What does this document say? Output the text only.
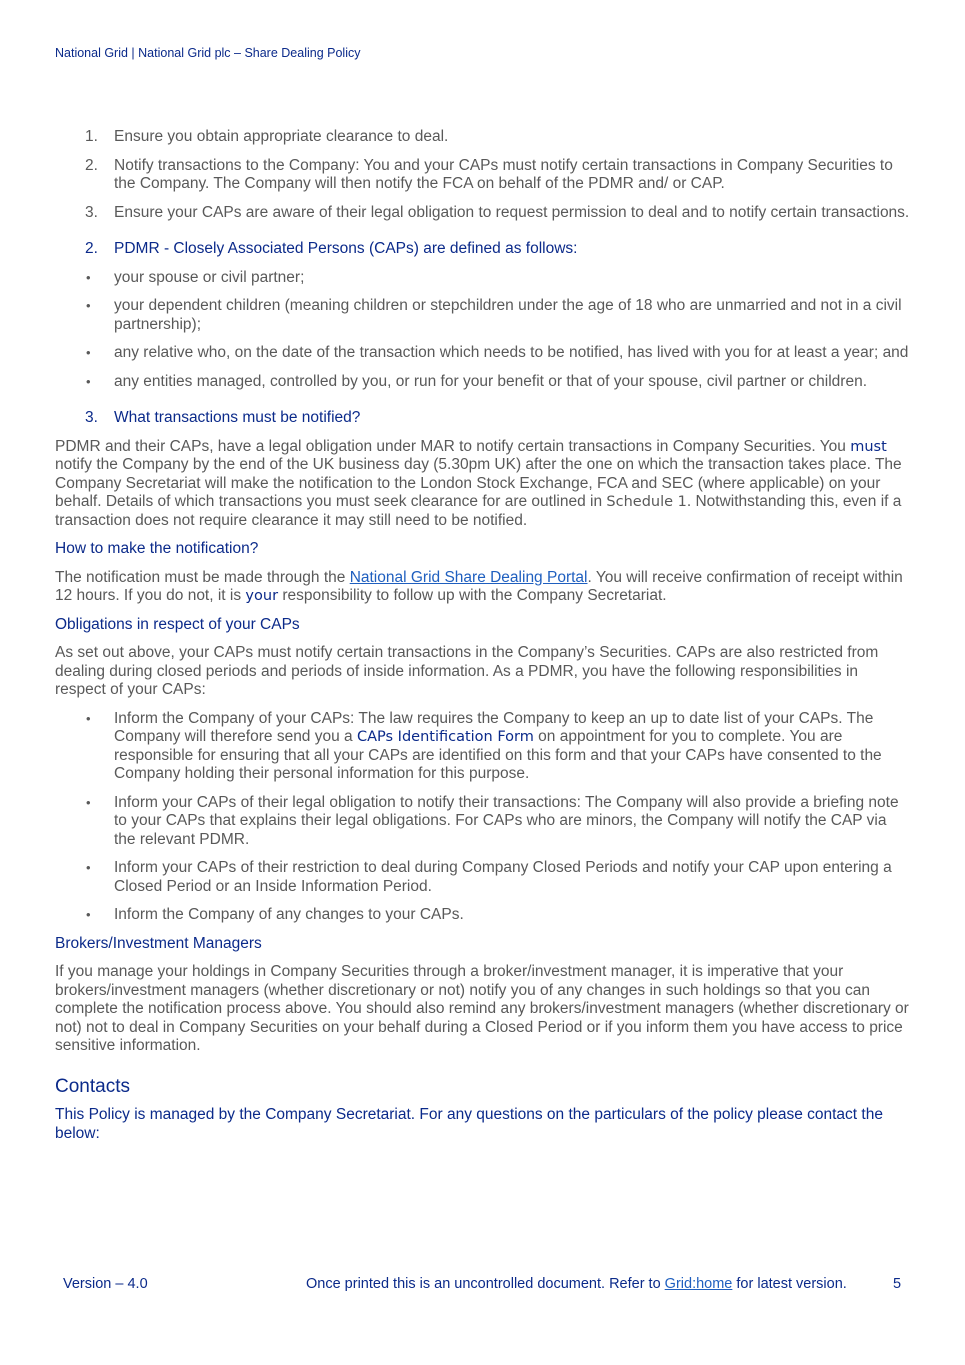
National Grid | National Grid plc – Share Dealing Policy
1. Ensure you obtain appropriate clearance to deal.
2. Notify transactions to the Company: You and your CAPs must notify certain transactions in Company Securities to the Company. The Company will then notify the FCA on behalf of the PDMR and/ or CAP.
3. Ensure your CAPs are aware of their legal obligation to request permission to deal and to notify certain transactions.
2. PDMR - Closely Associated Persons (CAPs) are defined as follows:
• your spouse or civil partner;
• your dependent children (meaning children or stepchildren under the age of 18 who are unmarried and not in a civil partnership);
• any relative who, on the date of the transaction which needs to be notified, has lived with you for at least a year; and
• any entities managed, controlled by you, or run for your benefit or that of your spouse, civil partner or children.
3. What transactions must be notified?

PDMR and their CAPs, have a legal obligation under MAR to notify certain transactions in Company Securities. You must notify the Company by the end of the UK business day (5.30pm UK) after the one on which the transaction takes place. The Company Secretariat will make the notification to the London Stock Exchange, FCA and SEC (where applicable) on your behalf. Details of which transactions you must seek clearance for are outlined in Schedule 1. Notwithstanding this, even if a transaction does not require clearance it may still need to be notified.

How to make the notification?

The notification must be made through the National Grid Share Dealing Portal. You will receive confirmation of receipt within 12 hours. If you do not, it is your responsibility to follow up with the Company Secretariat.

Obligations in respect of your CAPs

As set out above, your CAPs must notify certain transactions in the Company’s Securities. CAPs are also restricted from dealing during closed periods and periods of inside information. As a PDMR, you have the following responsibilities in respect of your CAPs:

• Inform the Company of your CAPs: The law requires the Company to keep an up to date list of your CAPs. The Company will therefore send you a CAPs Identification Form on appointment for you to complete. You are responsible for ensuring that all your CAPs are identified on this form and that your CAPs have consented to the Company holding their personal information for this purpose.
• Inform your CAPs of their legal obligation to notify their transactions: The Company will also provide a briefing note to your CAPs that explains their legal obligations. For CAPs who are minors, the Company will notify the CAP via the relevant PDMR.
• Inform your CAPs of their restriction to deal during Company Closed Periods and notify your CAP upon entering a Closed Period or an Inside Information Period.
• Inform the Company of any changes to your CAPs.
Brokers/Investment Managers

If you manage your holdings in Company Securities through a broker/investment manager, it is imperative that your brokers/investment managers (whether discretionary or not) notify you of any changes in such holdings so that you can complete the notification process above. You should also remind any brokers/investment managers (whether discretionary or not) not to deal in Company Securities on your behalf during a Closed Period or if you inform them you have access to price sensitive information.

Contacts

This Policy is managed by the Company Secretariat. For any questions on the particulars of the policy please contact the below:

Version – 4.0	Once printed this is an uncontrolled document. Refer to Grid:home for latest version.	5
